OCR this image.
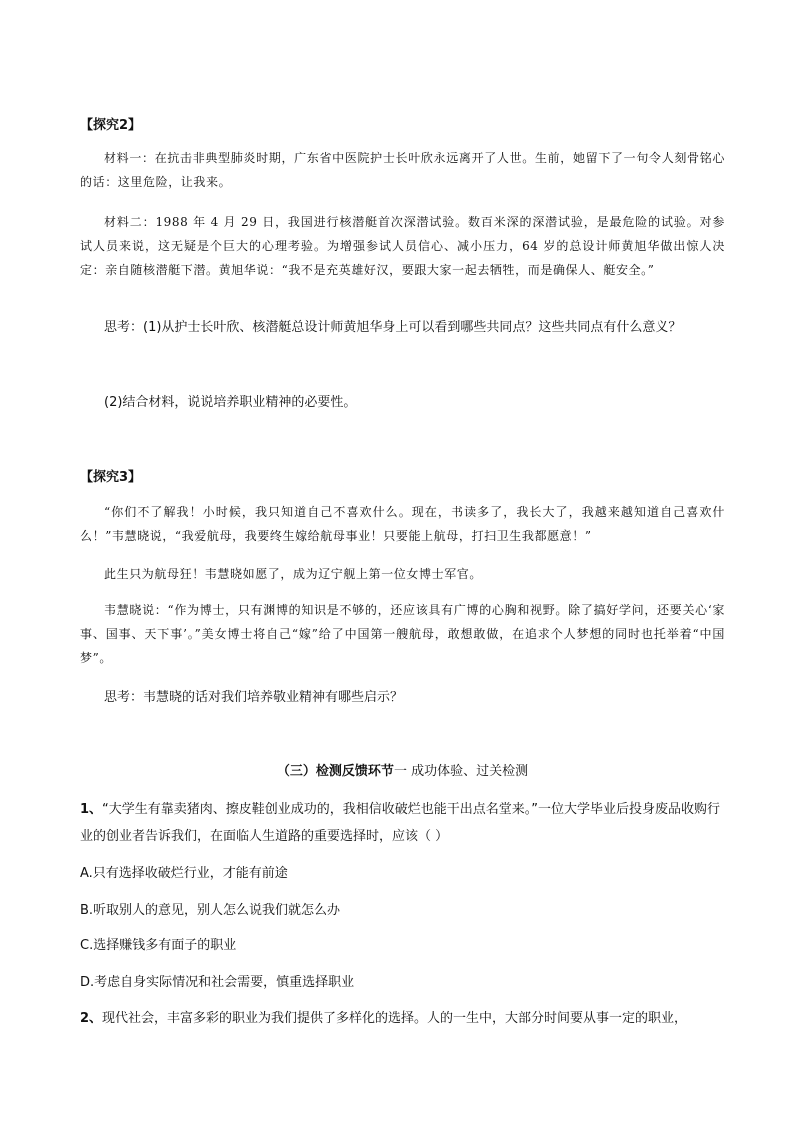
【探究2】

材料一：在抗击非典型肺炎时期，广东省中医院护士长叶欣永远离开了人世。生前，她留下了一句令人刻骨铭心的话：这里危险，让我来。

材料二：1988 年 4 月 29 日，我国进行核潜艇首次深潜试验。数百米深的深潜试验，是最危险的试验。对参试人员来说，这无疑是个巨大的心理考验。为增强参试人员信心、减小压力，64 岁的总设计师黄旭华做出惊人决定：亲自随核潜艇下潜。黄旭华说：“我不是充英雄好汉，要跟大家一起去牺牲，而是确保人、艇安全。”

思考：(1)从护士长叶欣、核潜艇总设计师黄旭华身上可以看到哪些共同点？这些共同点有什么意义？

(2)结合材料，说说培养职业精神的必要性。

【探究3】

“你们不了解我！小时候，我只知道自己不喜欢什么。现在，书读多了，我长大了，我越来越知道自己喜欢什么！”韦慧晓说，“我爱航母，我要终生嫁给航母事业！只要能上航母，打扫卫生我都愿意！”

此生只为航母狂！韦慧晓如愿了，成为辽宁舰上第一位女博士军官。

韦慧晓说：“作为博士，只有渊博的知识是不够的，还应该具有广博的心胸和视野。除了搞好学问，还要关心‘家事、国事、天下事’。”美女博士将自己“嫁”给了中国第一艘航母，敢想敢做，在追求个人梦想的同时也托举着“中国梦”。

思考：韦慧晓的话对我们培养敬业精神有哪些启示？

（三）检测反馈环节一 成功体验、过关检测

1、“大学生有靠卖猪肉、擦皮鞋创业成功的，我相信收破烂也能干出点名堂来。”一位大学毕业后投身废品收购行业的创业者告诉我们，在面临人生道路的重要选择时，应该（ ）

A.只有选择收破烂行业，才能有前途
B.听取别人的意见，别人怎么说我们就怎么办
C.选择赚钱多有面子的职业
D.考虑自身实际情况和社会需要，慎重选择职业

2、现代社会，丰富多彩的职业为我们提供了多样化的选择。人的一生中，大部分时间要从事一定的职业，
